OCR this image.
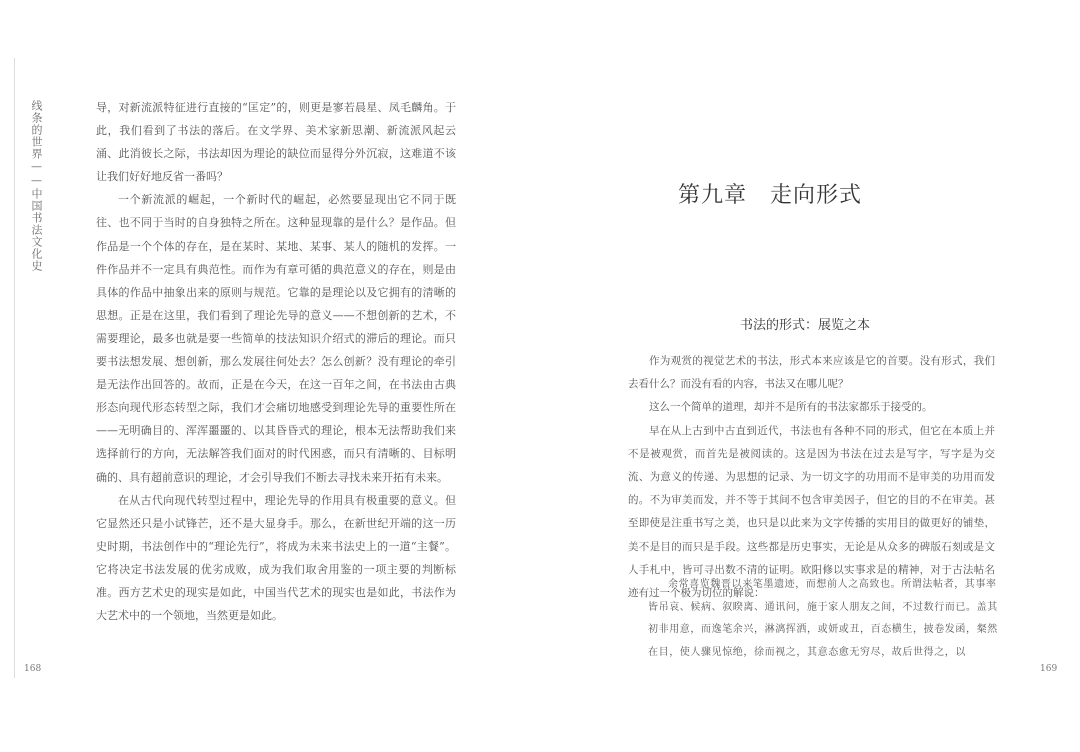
线条的世界——中国书法文化史
168	169

导，对新流派特征进行直接的“匡定”的，则更是寥若晨星、凤毛麟角。于此，我们看到了书法的落后。在文学界、美术家新思潮、新流派风起云涌、此消彼长之际，书法却因为理论的缺位而显得分外沉寂，这难道不该让我们好好地反省一番吗？

一个新流派的崛起，一个新时代的崛起，必然要显现出它不同于既往、也不同于当时的自身独特之所在。这种显现靠的是什么？是作品。但作品是一个个体的存在，是在某时、某地、某事、某人的随机的发挥。一件作品并不一定具有典范性。而作为有章可循的典范意义的存在，则是由具体的作品中抽象出来的原则与规范。它靠的是理论以及它拥有的清晰的思想。正是在这里，我们看到了理论先导的意义——不想创新的艺术，不需要理论，最多也就是要一些简单的技法知识介绍式的滞后的理论。而只要书法想发展、想创新，那么发展往何处去？怎么创新？没有理论的牵引是无法作出回答的。故而，正是在今天，在这一百年之间，在书法由古典形态向现代形态转型之际，我们才会痛切地感受到理论先导的重要性所在——无明确目的、浑浑噩噩的、以其昏昏式的理论，根本无法帮助我们来选择前行的方向，无法解答我们面对的时代困惑，而只有清晰的、目标明确的、具有超前意识的理论，才会引导我们不断去寻找未来开拓有未来。

在从古代向现代转型过程中，理论先导的作用具有极重要的意义。但它显然还只是小试锋芒，还不是大显身手。那么，在新世纪开端的这一历史时期，书法创作中的“理论先行”，将成为未来书法史上的一道“主餐”。它将决定书法发展的优劣成败，成为我们取舍用鉴的一项主要的判断标准。西方艺术史的现实是如此，中国当代艺术的现实也是如此，书法作为大艺术中的一个领地，当然更是如此。

第九章　走向形式
书法的形式：展览之本

作为观赏的视觉艺术的书法，形式本来应该是它的首要。没有形式，我们去看什么？而没有看的内容，书法又在哪儿呢？

这么一个简单的道理，却并不是所有的书法家都乐于接受的。

早在从上古到中古直到近代，书法也有各种不同的形式，但它在本质上并不是被观赏，而首先是被阅读的。这是因为书法在过去是写字，写字是为交流、为意义的传递、为思想的记录、为一切文字的功用而不是审美的功用而发的。不为审美而发，并不等于其间不包含审美因子，但它的目的不在审美。甚至即使是注重书写之美，也只是以此来为文字传播的实用目的做更好的铺垫，美不是目的而只是手段。这些都是历史事实，无论是从众多的碑版石刻或是文人手札中，皆可寻出数不清的证明。欧阳修以实事求是的精神，对于古法帖名迹有过一个极为切位的解说：

余常喜览魏晋以来笔墨遗迹，而想前人之高致也。所谓法帖者，其事率皆吊哀、候病、叙睽离、通讯问，施于家人朋友之间，不过数行而已。盖其初非用意，而逸笔余兴，淋漓挥洒，或妍或丑，百态横生，披卷发函，粲然在目，使人骤见惊绝，徐而视之，其意态愈无穷尽，故后世得之，以
